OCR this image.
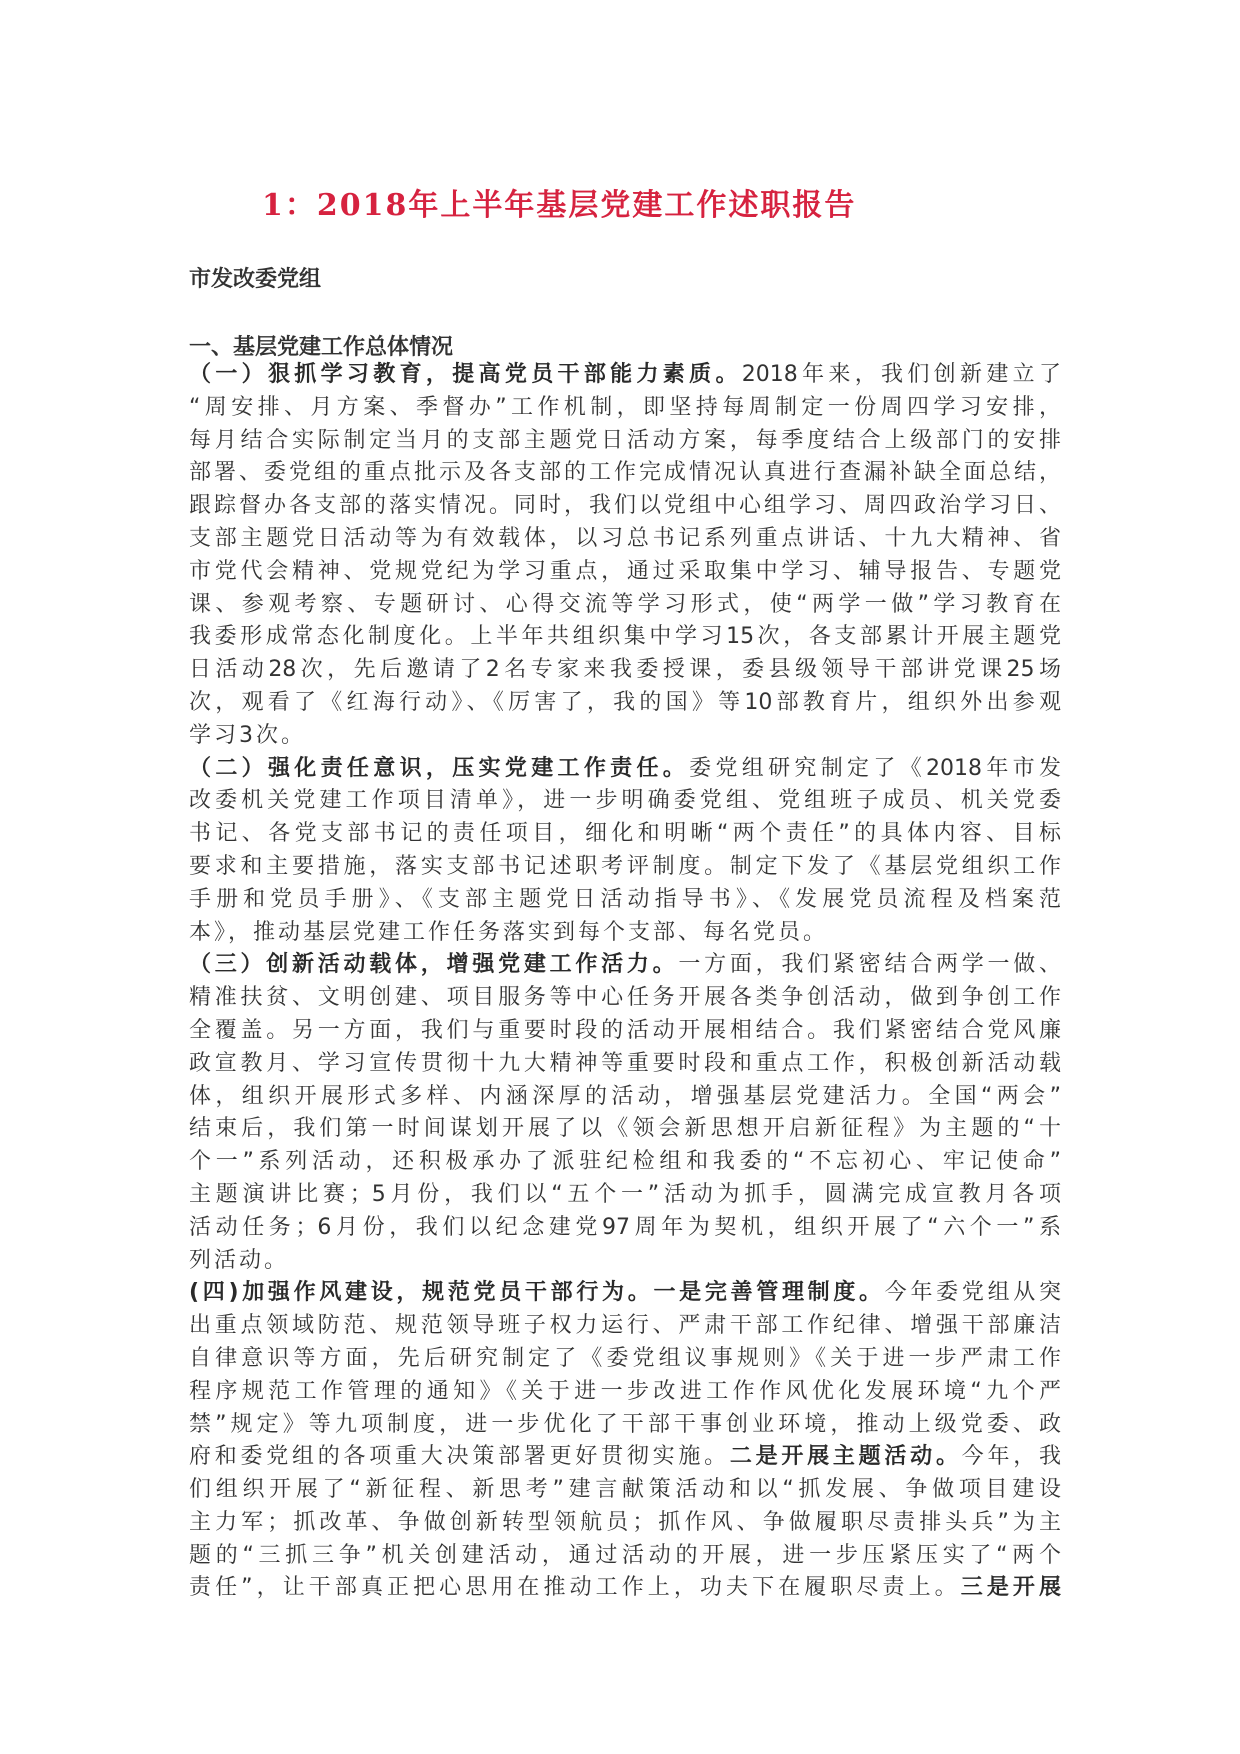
1：2018年上半年基层党建工作述职报告
市发改委党组
一、基层党建工作总体情况
（一）狠抓学习教育，提高党员干部能力素质。2018年来，我们创新建立了
“周安排、月方案、季督办”工作机制，即坚持每周制定一份周四学习安排，
每月结合实际制定当月的支部主题党日活动方案，每季度结合上级部门的安排
部署、委党组的重点批示及各支部的工作完成情况认真进行查漏补缺全面总结，
跟踪督办各支部的落实情况。同时，我们以党组中心组学习、周四政治学习日、
支部主题党日活动等为有效载体，以习总书记系列重点讲话、十九大精神、省
市党代会精神、党规党纪为学习重点，通过采取集中学习、辅导报告、专题党
课、参观考察、专题研讨、心得交流等学习形式，使“两学一做”学习教育在
我委形成常态化制度化。上半年共组织集中学习15次，各支部累计开展主题党
日活动28次，先后邀请了2名专家来我委授课，委县级领导干部讲党课25场
次，观看了《红海行动》、《厉害了，我的国》等10部教育片，组织外出参观
学习3次。
（二）强化责任意识，压实党建工作责任。委党组研究制定了《2018年市发
改委机关党建工作项目清单》，进一步明确委党组、党组班子成员、机关党委
书记、各党支部书记的责任项目，细化和明晰“两个责任”的具体内容、目标
要求和主要措施，落实支部书记述职考评制度。制定下发了《基层党组织工作
手册和党员手册》、《支部主题党日活动指导书》、《发展党员流程及档案范
本》，推动基层党建工作任务落实到每个支部、每名党员。
（三）创新活动载体，增强党建工作活力。一方面，我们紧密结合两学一做、
精准扶贫、文明创建、项目服务等中心任务开展各类争创活动，做到争创工作
全覆盖。另一方面，我们与重要时段的活动开展相结合。我们紧密结合党风廉
政宣教月、学习宣传贯彻十九大精神等重要时段和重点工作，积极创新活动载
体，组织开展形式多样、内涵深厚的活动，增强基层党建活力。全国“两会”
结束后，我们第一时间谋划开展了以《领会新思想开启新征程》为主题的“十
个一”系列活动，还积极承办了派驻纪检组和我委的“不忘初心、牢记使命”
主题演讲比赛；5月份，我们以“五个一”活动为抓手，圆满完成宣教月各项
活动任务；6月份，我们以纪念建党97周年为契机，组织开展了“六个一”系
列活动。
(四)加强作风建设，规范党员干部行为。一是完善管理制度。今年委党组从突
出重点领域防范、规范领导班子权力运行、严肃干部工作纪律、增强干部廉洁
自律意识等方面，先后研究制定了《委党组议事规则》《关于进一步严肃工作
程序规范工作管理的通知》《关于进一步改进工作作风优化发展环境“九个严
禁”规定》等九项制度，进一步优化了干部干事创业环境，推动上级党委、政
府和委党组的各项重大决策部署更好贯彻实施。二是开展主题活动。今年，我
们组织开展了“新征程、新思考”建言献策活动和以“抓发展、争做项目建设
主力军；抓改革、争做创新转型领航员；抓作风、争做履职尽责排头兵”为主
题的“三抓三争”机关创建活动，通过活动的开展，进一步压紧压实了“两个
责任”，让干部真正把心思用在推动工作上，功夫下在履职尽责上。三是开展
